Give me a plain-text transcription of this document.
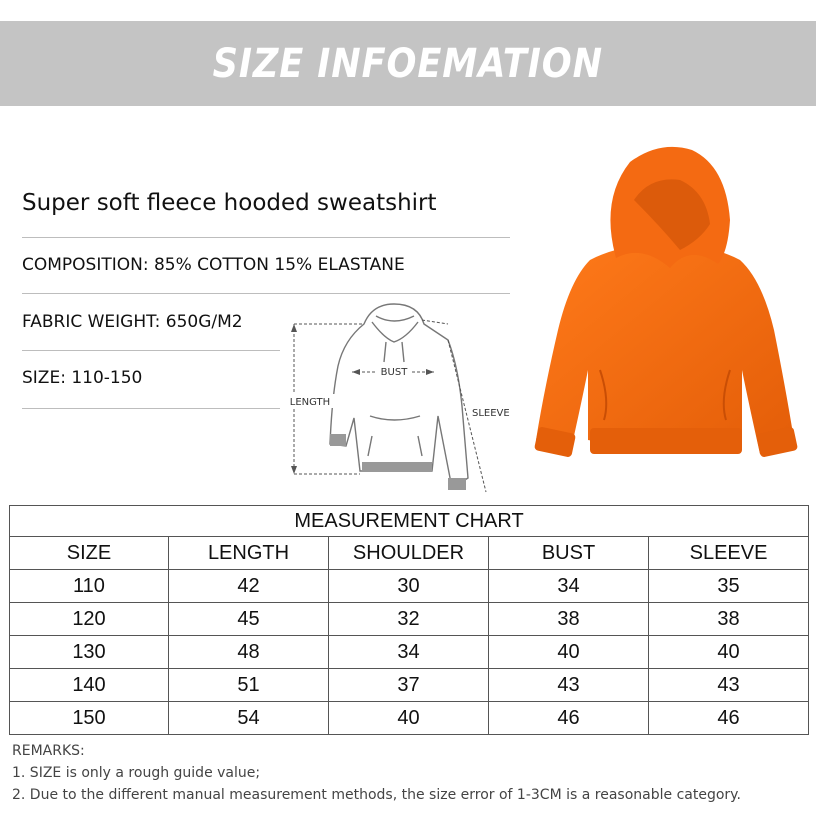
SIZE INFOEMATION
Super soft fleece hooded sweatshirt
COMPOSITION: 85% COTTON 15% ELASTANE
FABRIC WEIGHT: 650G/M2
SIZE: 110-150	BUST
LENGTH
SLEEVE
MEASUREMENT CHART				
SIZE	LENGTH	SHOULDER	BUST	SLEEVE
110	42	30	34	35
120	45	32	38	38
130	48	34	40	40
140	51	37	43	43
150	54	40	46	46
REMARKS:
1. SIZE is only a rough guide value;
2. Due to the different manual measurement methods, the size error of 1-3CM is a reasonable category.
